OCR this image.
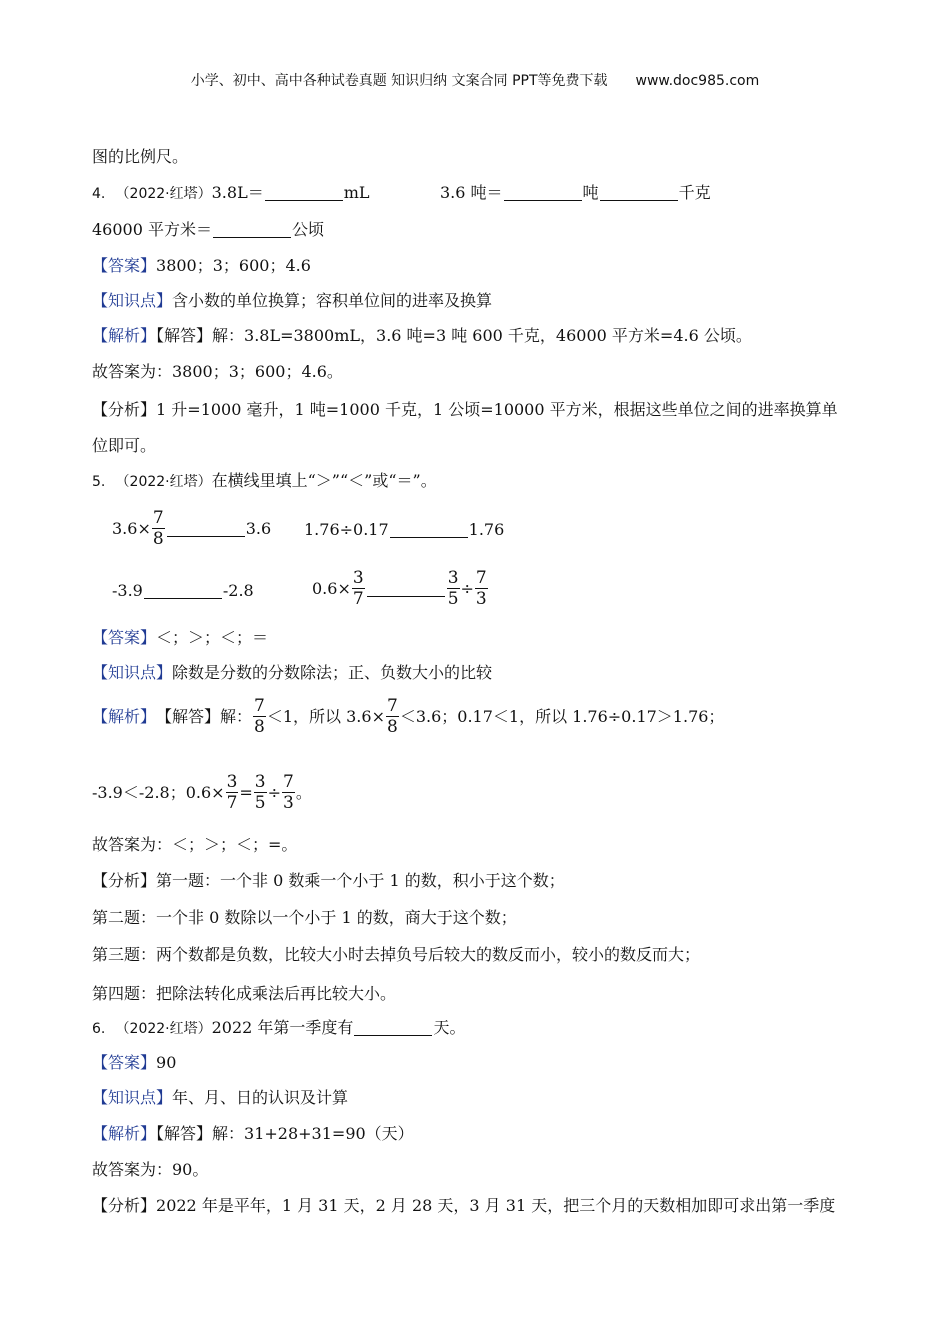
小学、初中、高中各种试卷真题 知识归纳 文案合同 PPT等免费下载 www.doc985.com
图的比例尺。
4. （2022·红塔）3.8L＝	mL	3.6 吨＝	吨	千克
46000 平方米＝	公顷
【答案】3800；3；600；4.6
【知识点】含小数的单位换算；容积单位间的进率及换算
【解析】【解答】解：3.8L=3800mL，3.6 吨=3 吨 600 千克，46000 平方米=4.6 公顷。
故答案为：3800；3；600；4.6。
【分析】1 升=1000 毫升，1 吨=1000 千克，1 公顷=10000 平方米，根据这些单位之间的进率换算单
位即可。
5. （2022·红塔）在横线里填上“＞”“＜”或“＝”。
$3.6\times \frac{7}{8}$	3.6 1.76÷0.17	1.76
-3.9	-2.8	$0.6\times \frac{3}{7}$	$\frac{3}{5} \div \frac{7}{3}$
【答案】＜；＞；＜；＝
【知识点】除数是分数的分数除法；正、负数大小的比较
【解析】 【解答】解： $\frac{7}{8} <1$，所以 $3.6\times \frac{7}{8} <3.6$；0.17＜1，所以 1.76÷0.17＞1.76；
-3.9＜-2.8；$0.6\times \frac{3}{7} = \frac{3}{5} \div \frac{7}{3}$ 。
故答案为：＜；＞；＜；=。
【分析】第一题：一个非 0 数乘一个小于 1 的数，积小于这个数；
第二题：一个非 0 数除以一个小于 1 的数，商大于这个数；
第三题：两个数都是负数，比较大小时去掉负号后较大的数反而小，较小的数反而大；
第四题：把除法转化成乘法后再比较大小。
6. （2022·红塔）2022 年第一季度有	天。
【答案】90
【知识点】年、月、日的认识及计算
【解析】【解答】解：31+28+31=90（天）
故答案为：90。
【分析】2022 年是平年，1 月 31 天，2 月 28 天，3 月 31 天，把三个月的天数相加即可求出第一季度
